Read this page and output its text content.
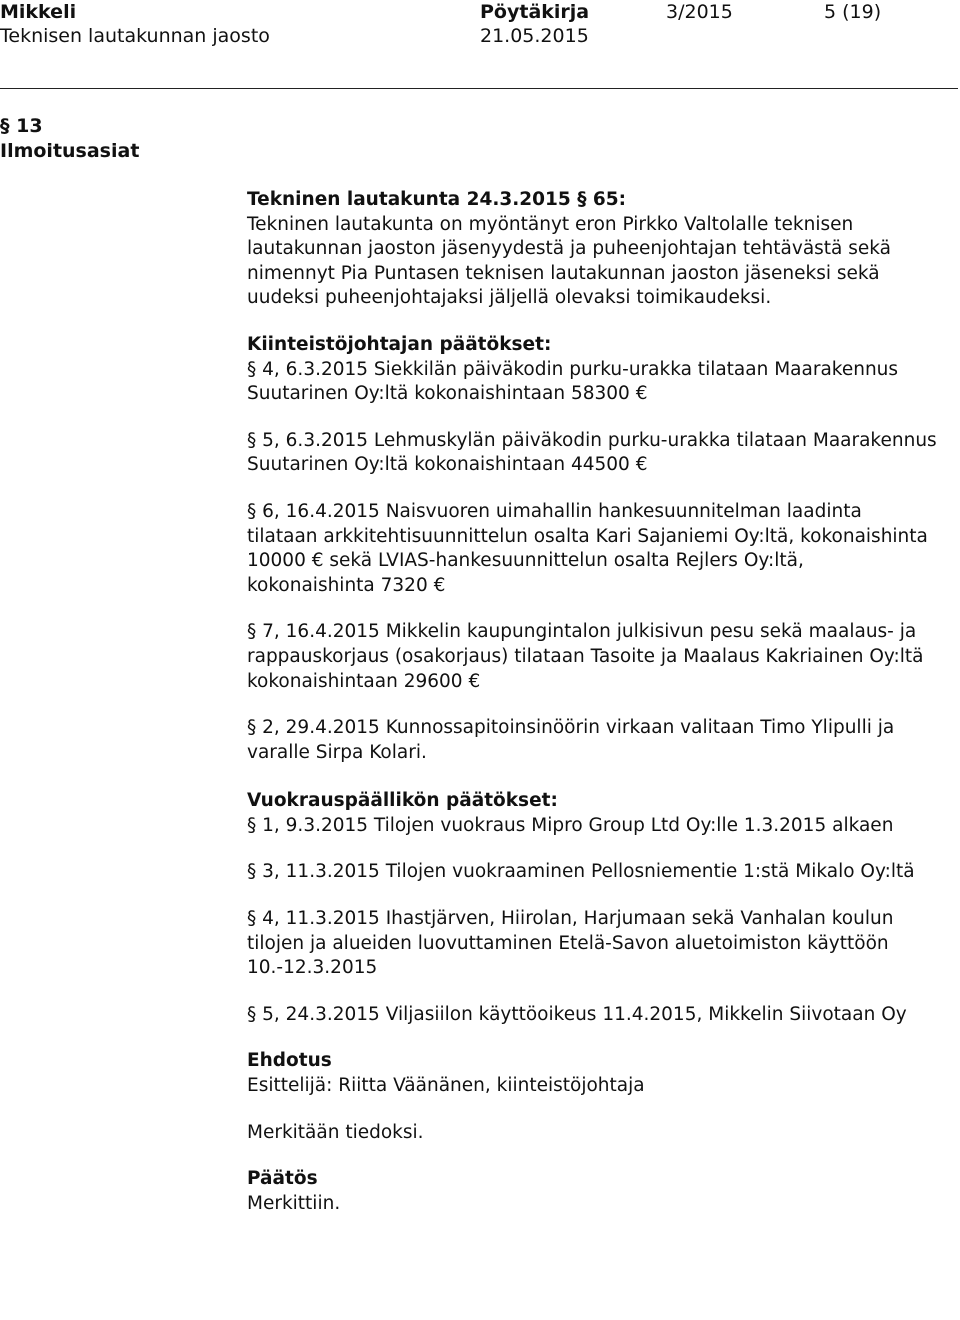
Mikkeli
Teknisen lautakunnan jaosto
Pöytäkirja
21.05.2015
3/2015	5 (19)
§ 13
Ilmoitusasiat

Tekninen lautakunta 24.3.2015 § 65:

Tekninen lautakunta on myöntänyt eron Pirkko Valtolalle teknisen lautakunnan jaoston jäsenyydestä ja puheenjohtajan tehtävästä sekä nimennyt Pia Puntasen teknisen lautakunnan jaoston jäseneksi sekä uudeksi puheenjohtajaksi jäljellä olevaksi toimikaudeksi.

Kiinteistöjohtajan päätökset:

§ 4, 6.3.2015 Siekkilän päiväkodin purku-urakka tilataan Maarakennus Suutarinen Oy:ltä kokonaishintaan 58300 €

§ 5, 6.3.2015 Lehmuskylän päiväkodin purku-urakka tilataan Maarakennus Suutarinen Oy:ltä kokonaishintaan 44500 €

§ 6, 16.4.2015 Naisvuoren uimahallin hankesuunnitelman laadinta tilataan arkkitehtisuunnittelun osalta Kari Sajaniemi Oy:ltä, kokonaishinta 10000 € sekä LVIAS-hankesuunnittelun osalta Rejlers Oy:ltä, kokonaishinta 7320 €

§ 7, 16.4.2015 Mikkelin kaupungintalon julkisivun pesu sekä maalaus- ja rappauskorjaus (osakorjaus) tilataan Tasoite ja Maalaus Kakriainen Oy:ltä kokonaishintaan 29600 €

§ 2, 29.4.2015 Kunnossapitoinsinöörin virkaan valitaan Timo Ylipulli ja varalle Sirpa Kolari.

Vuokrauspäällikön päätökset:

§ 1, 9.3.2015 Tilojen vuokraus Mipro Group Ltd Oy:lle 1.3.2015 alkaen

§ 3, 11.3.2015 Tilojen vuokraaminen Pellosniementie 1:stä Mikalo Oy:ltä

§ 4, 11.3.2015 Ihastjärven, Hiirolan, Harjumaan sekä Vanhalan koulun tilojen ja alueiden luovuttaminen Etelä-Savon aluetoimiston käyttöön 10.-12.3.2015

§ 5, 24.3.2015 Viljasiilon käyttöoikeus 11.4.2015, Mikkelin Siivotaan Oy

Ehdotus

Esittelijä: Riitta Väänänen, kiinteistöjohtaja

Merkitään tiedoksi.

Päätös

Merkittiin.
